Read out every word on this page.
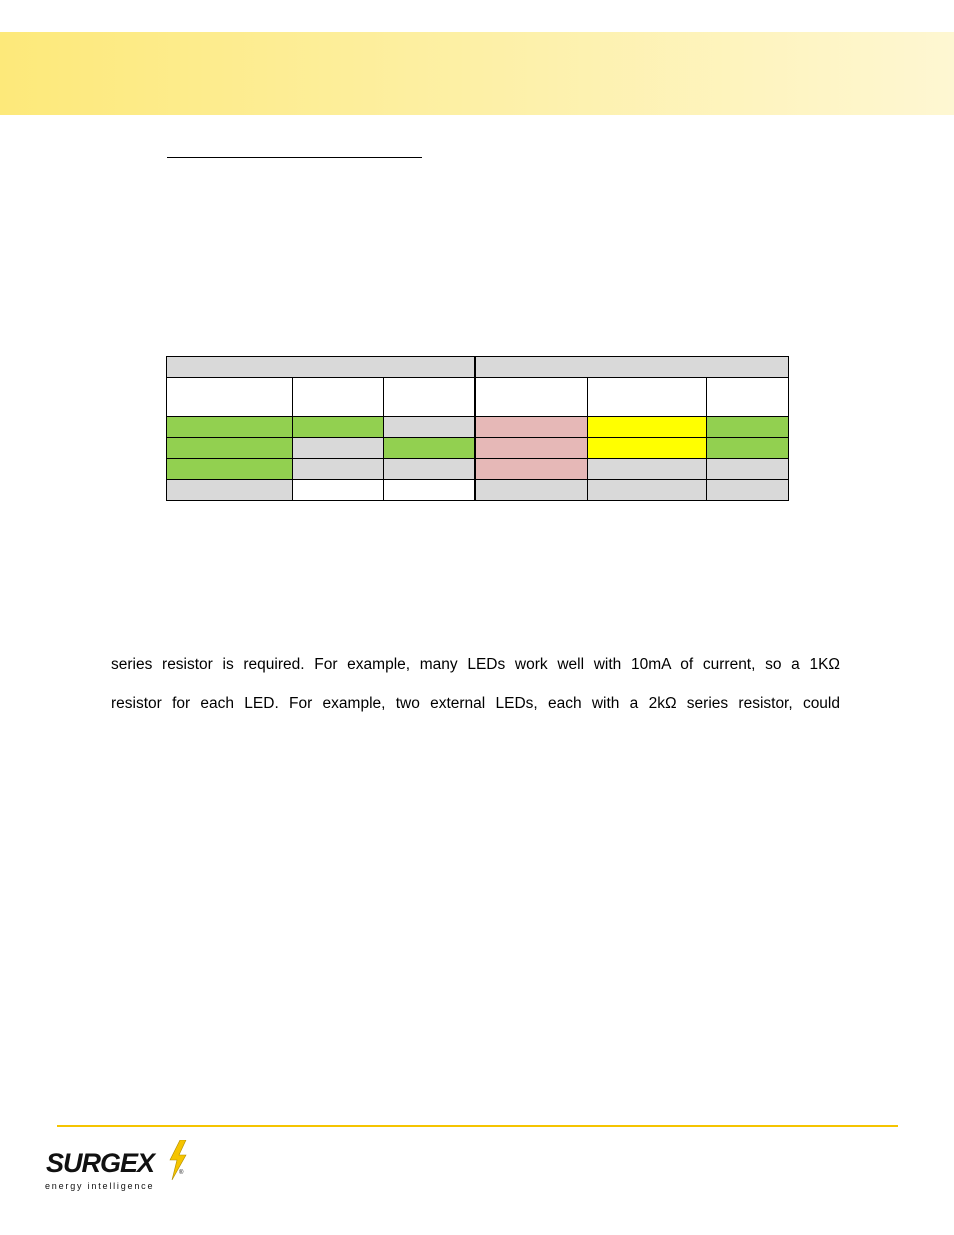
series resistor is required. For example, many LEDs work well with 10mA of current, so a 1KΩ
resistor for each LED. For example, two external LEDs, each with a 2kΩ series resistor, could
SURGEX	®
energy intelligence
